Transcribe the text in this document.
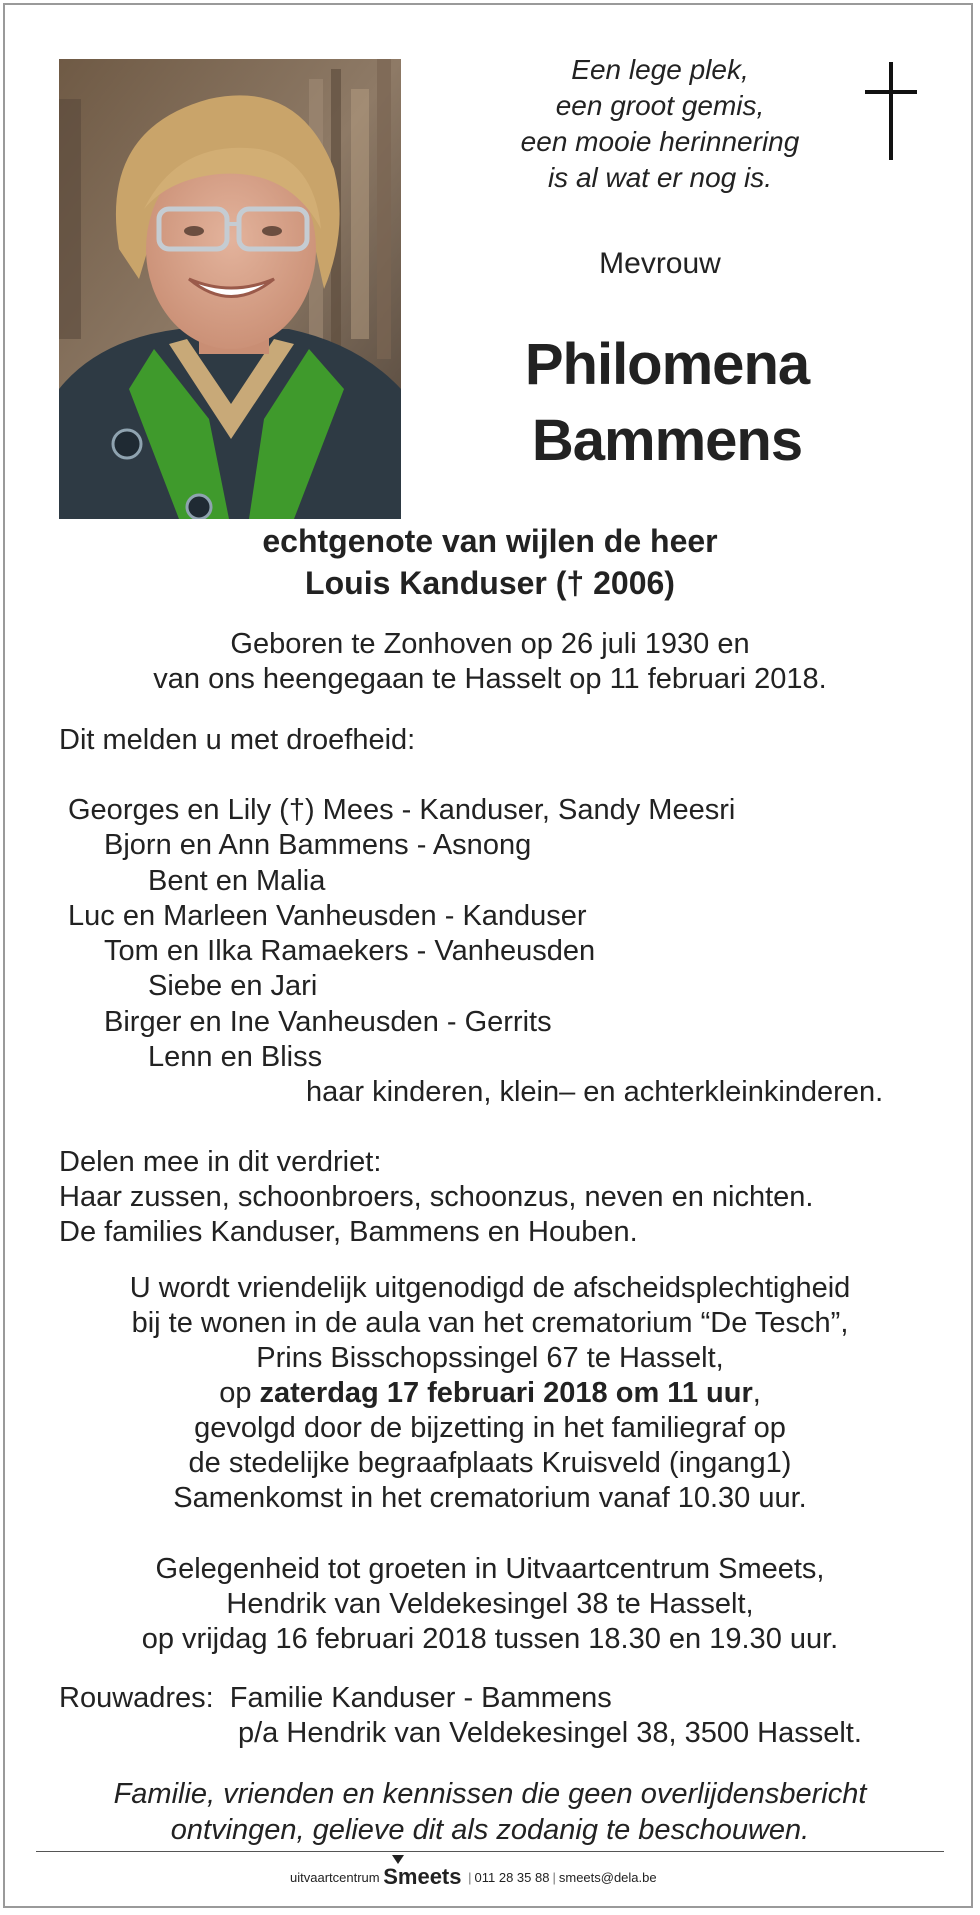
Een lege plek,
een groot gemis,
een mooie herinnering
is al wat er nog is.
Mevrouw
Philomena
Bammens
echtgenote van wijlen de heer
Louis Kanduser († 2006)
Geboren te Zonhoven op 26 juli 1930 en
van ons heengegaan te Hasselt op 11 februari 2018.
Dit melden u met droefheid:
Georges en Lily (†) Mees - Kanduser, Sandy Meesri
Bjorn en Ann Bammens - Asnong
Bent en Malia
Luc en Marleen Vanheusden - Kanduser
Tom en Ilka Ramaekers - Vanheusden
Siebe en Jari
Birger en Ine Vanheusden - Gerrits
Lenn en Bliss
haar kinderen, klein– en achterkleinkinderen.
Delen mee in dit verdriet:
Haar zussen, schoonbroers, schoonzus, neven en nichten.
De families Kanduser, Bammens en Houben.
U wordt vriendelijk uitgenodigd de afscheidsplechtigheid
bij te wonen in de aula van het crematorium “De Tesch”,
Prins Bisschopssingel 67 te Hasselt,
op zaterdag 17 februari 2018 om 11 uur,
gevolgd door de bijzetting in het familiegraf op
de stedelijke begraafplaats Kruisveld (ingang1)
Samenkomst in het crematorium vanaf 10.30 uur.
Gelegenheid tot groeten in Uitvaartcentrum Smeets,
Hendrik van Veldekesingel 38 te Hasselt,
op vrijdag 16 februari 2018 tussen 18.30 en 19.30 uur.
Rouwadres: Familie Kanduser - Bammens
p/a Hendrik van Veldekesingel 38, 3500 Hasselt.
Familie, vrienden en kennissen die geen overlijdensbericht
ontvingen, gelieve dit als zodanig te beschouwen.
uitvaartcentrum Smeets | 011 28 35 88 | smeets@dela.be
